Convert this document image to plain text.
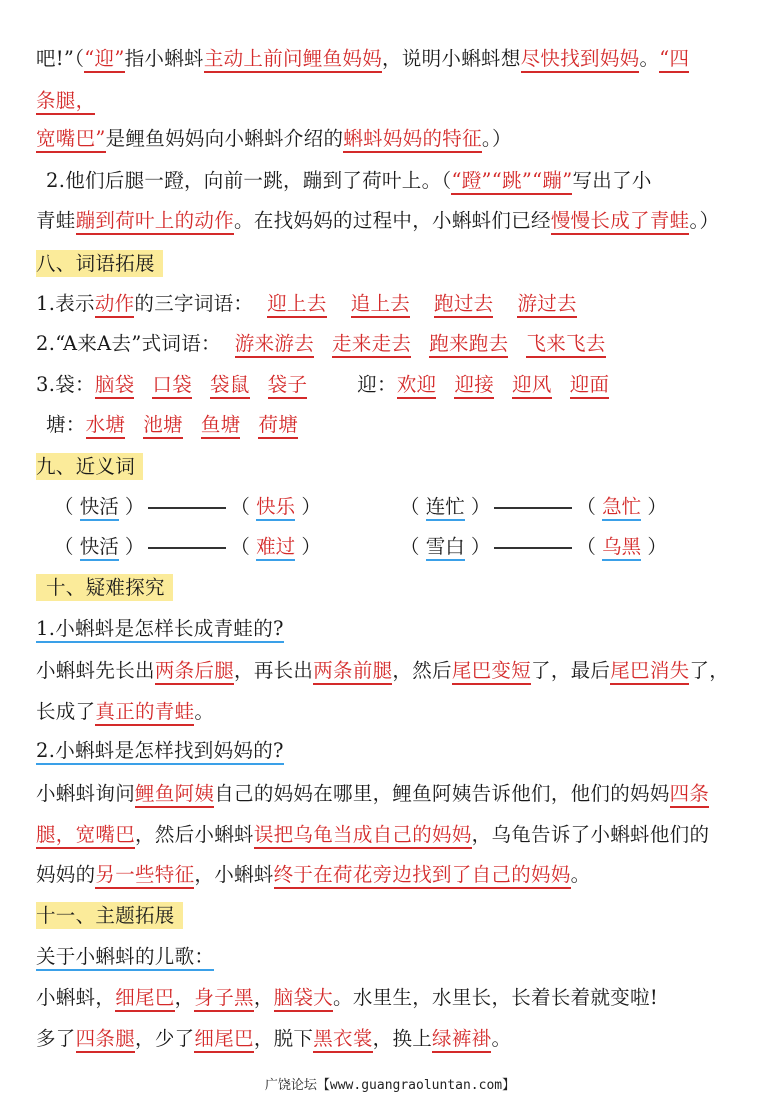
吧!”（“迎”指小蝌蚪主动上前问鲤鱼妈妈，说明小蝌蚪想尽快找到妈妈。“四
条腿，
宽嘴巴”是鲤鱼妈妈向小蝌蚪介绍的蝌蚪妈妈的特征。）
2.他们后腿一蹬，向前一跳，蹦到了荷叶上。（“蹬”“跳”“蹦”写出了小
青蛙蹦到荷叶上的动作。在找妈妈的过程中，小蝌蚪们已经慢慢长成了青蛙。）
八、词语拓展
1.表示动作的三字词语： 迎上去 追上去 跑过去 游过去
2.“A来A去”式词语： 游来游去 走来走去 跑来跑去 飞来飞去
3.袋：脑袋 口袋 袋鼠 袋子	迎：欢迎 迎接 迎风 迎面
塘：水塘 池塘 鱼塘 荷塘
九、近义词
（ 快活 ）	（ 快乐 ）	（ 连忙 ）	（ 急忙 ）
（ 快活 ）	（ 难过 ）	（ 雪白 ）	（ 乌黑 ）
十、疑难探究
1.小蝌蚪是怎样长成青蛙的?
小蝌蚪先长出两条后腿，再长出两条前腿，然后尾巴变短了，最后尾巴消失了，
长成了真正的青蛙。
2.小蝌蚪是怎样找到妈妈的?
小蝌蚪询问鲤鱼阿姨自己的妈妈在哪里，鲤鱼阿姨告诉他们，他们的妈妈四条
腿，宽嘴巴，然后小蝌蚪误把乌龟当成自己的妈妈，乌龟告诉了小蝌蚪他们的
妈妈的另一些特征，小蝌蚪终于在荷花旁边找到了自己的妈妈。
十一、主题拓展
关于小蝌蚪的儿歌：
小蝌蚪，细尾巴，身子黑，脑袋大。水里生，水里长，长着长着就变啦!
多了四条腿，少了细尾巴，脱下黑衣裳，换上绿裤褂。
广饶论坛【www.guangraoluntan.com】
